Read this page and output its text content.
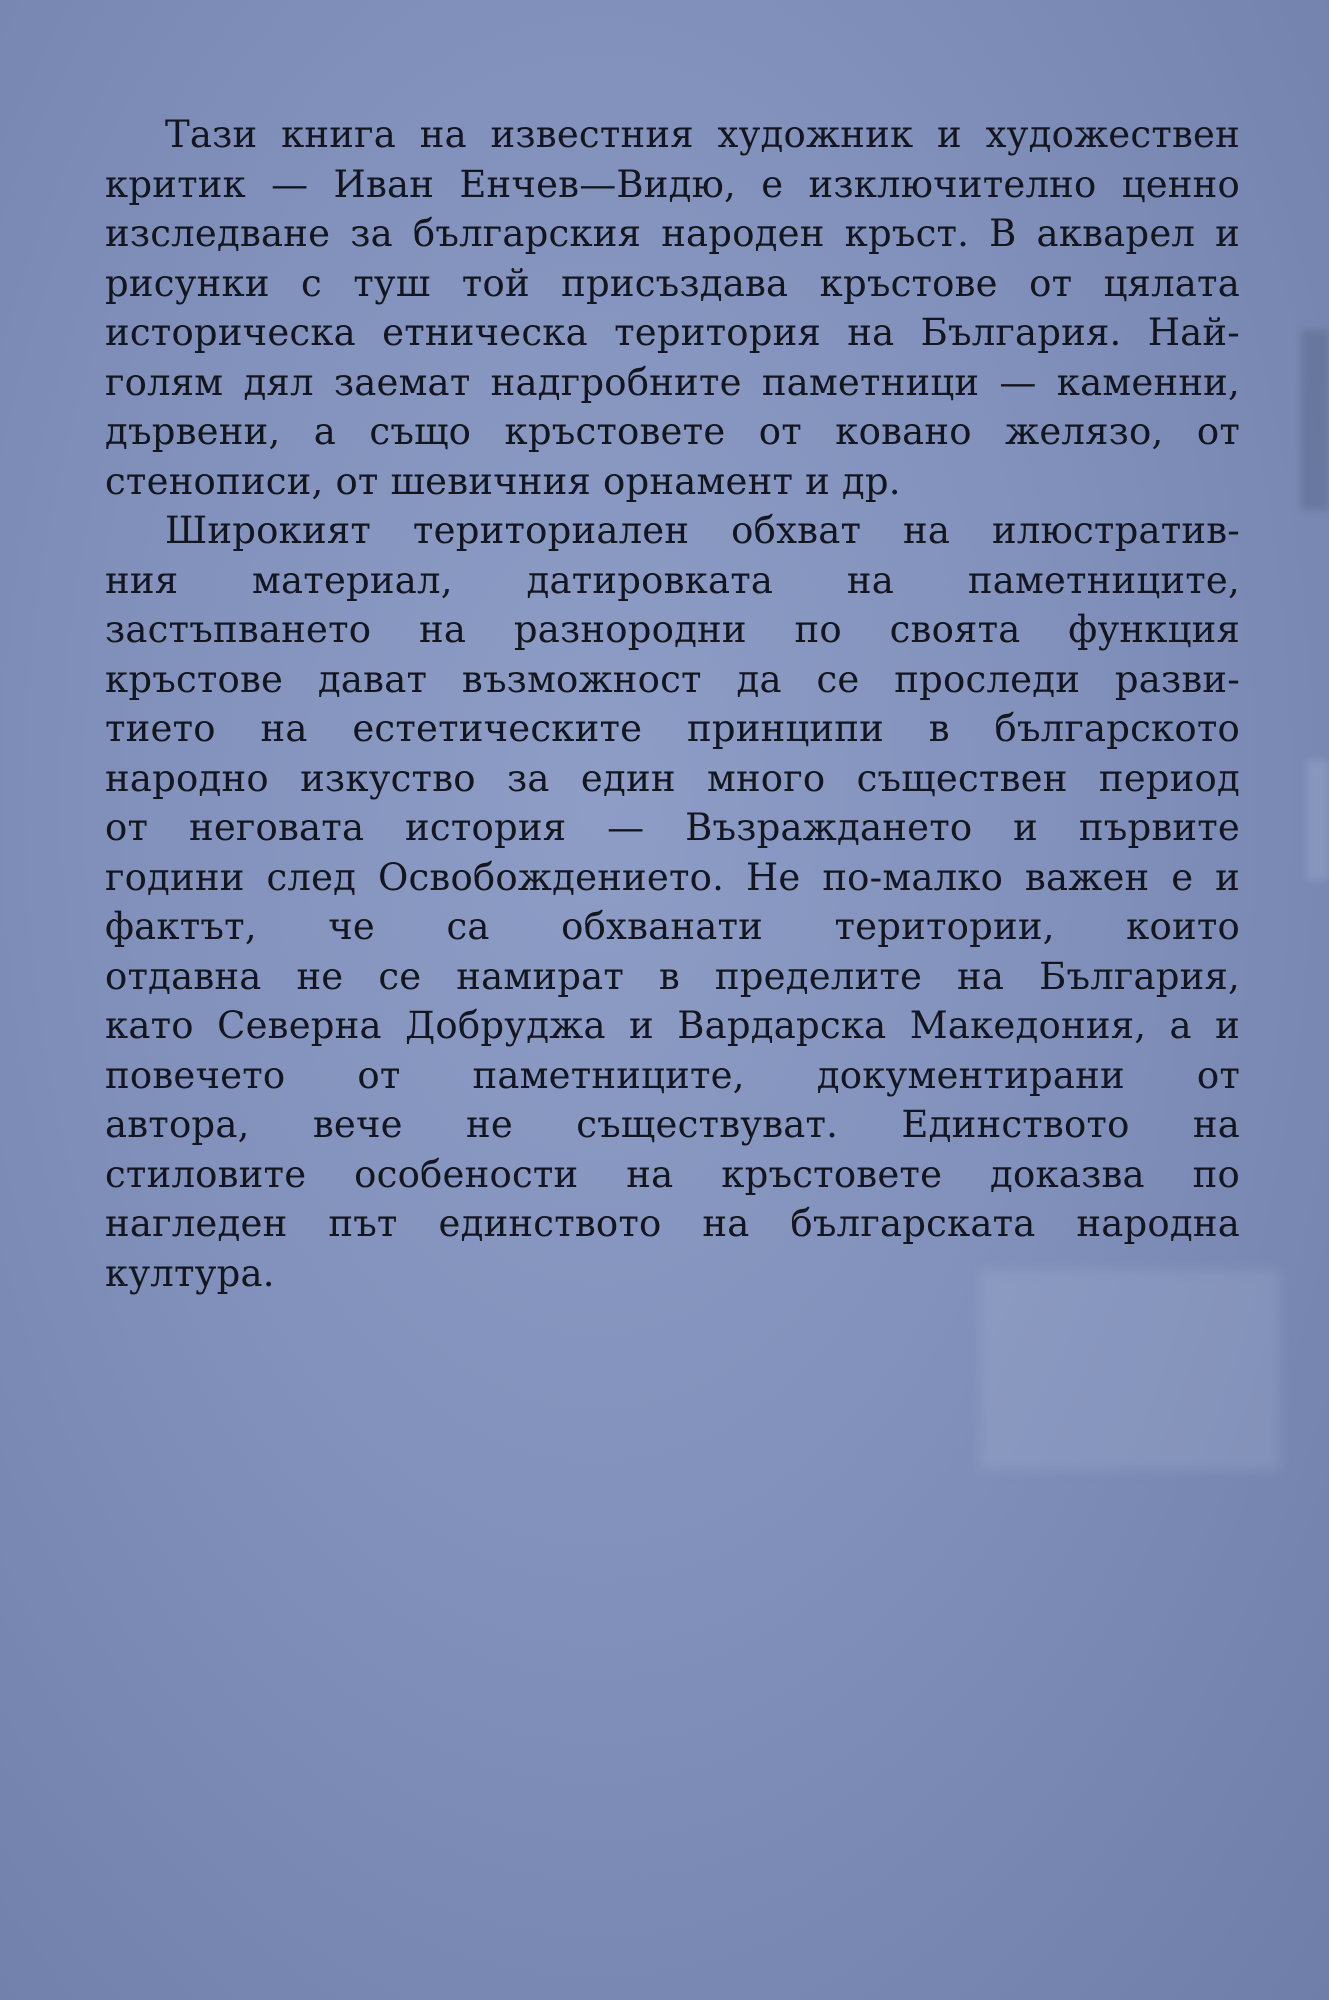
Тази книга на известния художник и художествен
критик — Иван Енчев—Видю, е изключително ценно
изследване за българския народен кръст. В акварел и
рисунки с туш той присъздава кръстове от цялата
историческа етническа територия на България. Най-
голям дял заемат надгробните паметници — каменни,
дървени, а също кръстовете от ковано желязо, от
стенописи, от шевичния орнамент и др.
Широкият териториален обхват на илюстратив-
ния материал, датировката на паметниците,
застъпването на разнородни по своята функция
кръстове дават възможност да се проследи разви-
тието на естетическите принципи в българското
народно изкуство за един много съществен период
от неговата история — Възраждането и първите
години след Освобождението. Не по-малко важен е и
фактът, че са обхванати територии, които
отдавна не се намират в пределите на България,
като Северна Добруджа и Вардарска Македония, а и
повечето от паметниците, документирани от
автора, вече не съществуват. Единството на
стиловите особености на кръстовете доказва по
нагледен път единството на българската народна
култура.
